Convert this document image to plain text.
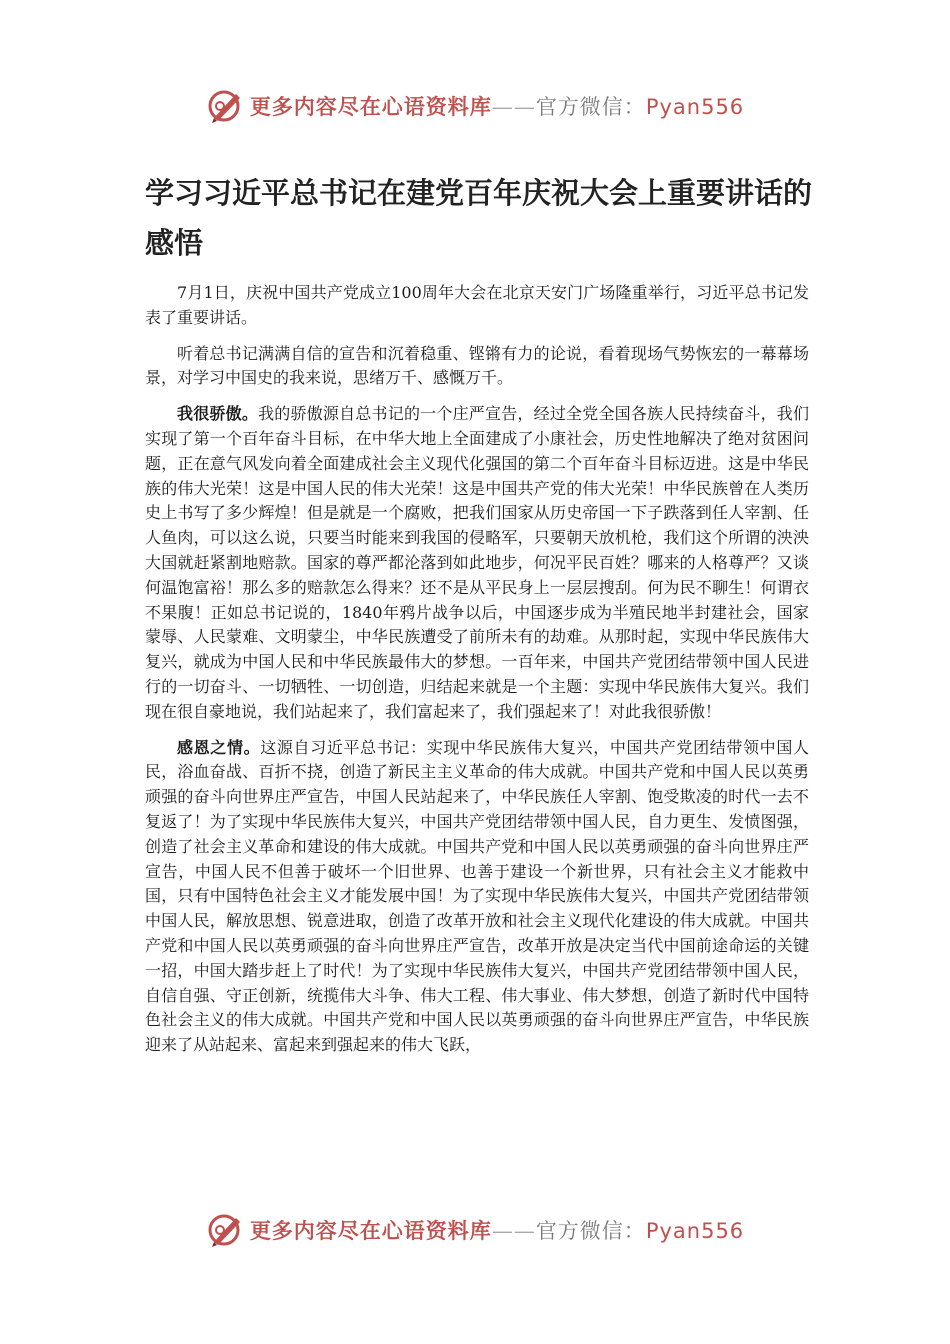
更多内容尽在心语资料库——官方微信：Pyan556
学习习近平总书记在建党百年庆祝大会上重要讲话的感悟

7月1日，庆祝中国共产党成立100周年大会在北京天安门广场隆重举行，习近平总书记发表了重要讲话。

听着总书记满满自信的宣告和沉着稳重、铿锵有力的论说，看着现场气势恢宏的一幕幕场景，对学习中国史的我来说，思绪万千、感慨万千。

我很骄傲。我的骄傲源自总书记的一个庄严宣告，经过全党全国各族人民持续奋斗，我们实现了第一个百年奋斗目标，在中华大地上全面建成了小康社会，历史性地解决了绝对贫困问题，正在意气风发向着全面建成社会主义现代化强国的第二个百年奋斗目标迈进。这是中华民族的伟大光荣！这是中国人民的伟大光荣！这是中国共产党的伟大光荣！中华民族曾在人类历史上书写了多少辉煌！但是就是一个腐败，把我们国家从历史帝国一下子跌落到任人宰割、任人鱼肉，可以这么说，只要当时能来到我国的侵略军，只要朝天放机枪，我们这个所谓的泱泱大国就赶紧割地赔款。国家的尊严都沦落到如此地步，何况平民百姓？哪来的人格尊严？又谈何温饱富裕！那么多的赔款怎么得来？还不是从平民身上一层层搜刮。何为民不聊生！何谓衣不果腹！正如总书记说的，1840年鸦片战争以后，中国逐步成为半殖民地半封建社会，国家蒙辱、人民蒙难、文明蒙尘，中华民族遭受了前所未有的劫难。从那时起，实现中华民族伟大复兴，就成为中国人民和中华民族最伟大的梦想。一百年来，中国共产党团结带领中国人民进行的一切奋斗、一切牺牲、一切创造，归结起来就是一个主题：实现中华民族伟大复兴。我们现在很自豪地说，我们站起来了，我们富起来了，我们强起来了！对此我很骄傲！

感恩之情。这源自习近平总书记：实现中华民族伟大复兴，中国共产党团结带领中国人民，浴血奋战、百折不挠，创造了新民主主义革命的伟大成就。中国共产党和中国人民以英勇顽强的奋斗向世界庄严宣告，中国人民站起来了，中华民族任人宰割、饱受欺凌的时代一去不复返了！为了实现中华民族伟大复兴，中国共产党团结带领中国人民，自力更生、发愤图强，创造了社会主义革命和建设的伟大成就。中国共产党和中国人民以英勇顽强的奋斗向世界庄严宣告，中国人民不但善于破坏一个旧世界、也善于建设一个新世界，只有社会主义才能救中国，只有中国特色社会主义才能发展中国！为了实现中华民族伟大复兴，中国共产党团结带领中国人民，解放思想、锐意进取，创造了改革开放和社会主义现代化建设的伟大成就。中国共产党和中国人民以英勇顽强的奋斗向世界庄严宣告，改革开放是决定当代中国前途命运的关键一招，中国大踏步赶上了时代！为了实现中华民族伟大复兴，中国共产党团结带领中国人民，自信自强、守正创新，统揽伟大斗争、伟大工程、伟大事业、伟大梦想，创造了新时代中国特色社会主义的伟大成就。中国共产党和中国人民以英勇顽强的奋斗向世界庄严宣告，中华民族迎来了从站起来、富起来到强起来的伟大飞跃，

更多内容尽在心语资料库——官方微信：Pyan556
